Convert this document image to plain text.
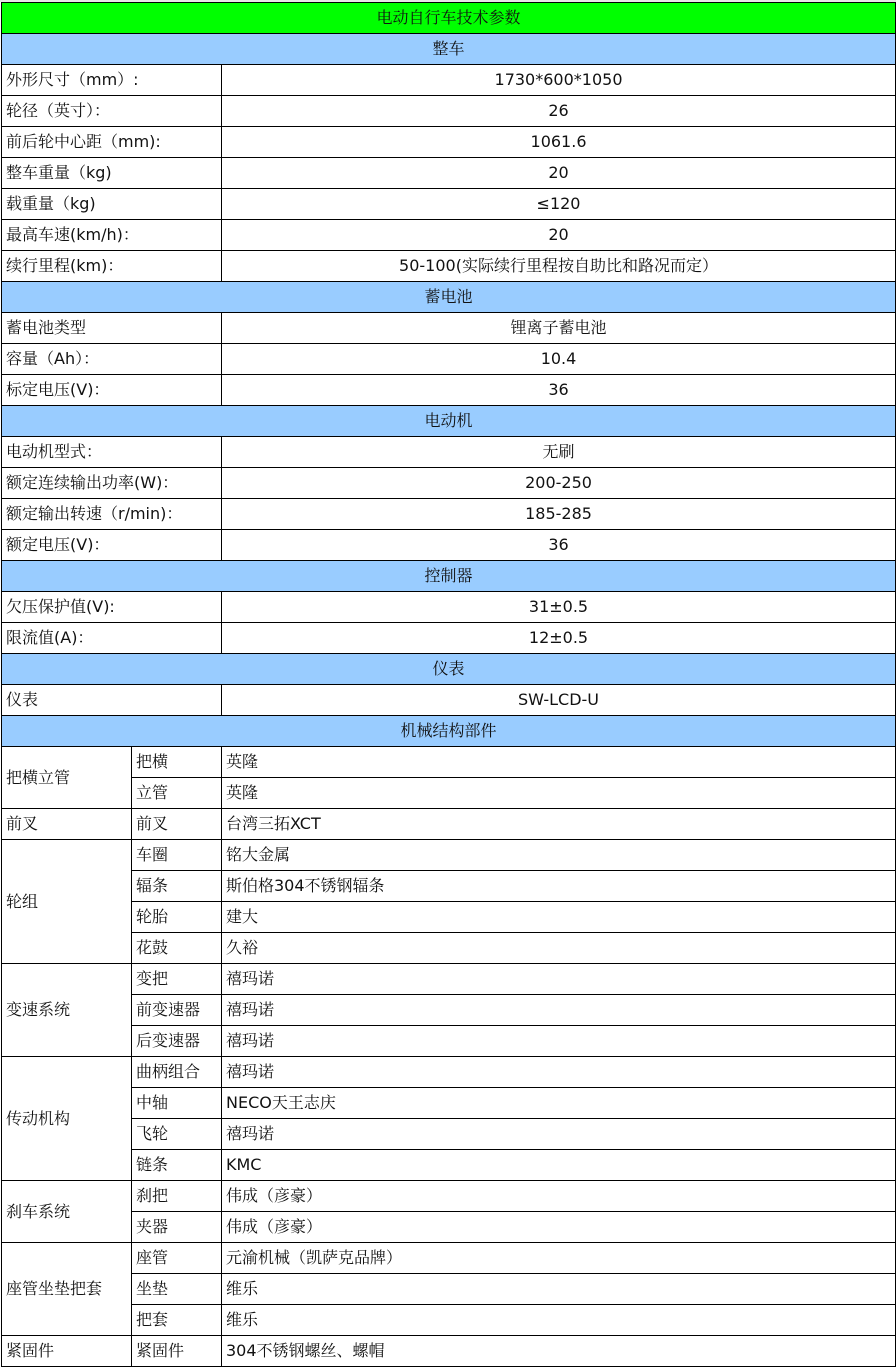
电动自行车技术参数		
整车		
外形尺寸（mm）:		1730*600*1050
轮径（英寸）：		26
前后轮中心距（mm):		1061.6
整车重量（kg)		20
载重量（kg)		≤120
最高车速(km/h)：		20
续行里程(km)：		50-100(实际续行里程按自助比和路况而定）
蓄电池		
蓄电池类型		锂离子蓄电池
容量（Ah）：		10.4
标定电压(V)：		36
电动机		
电动机型式：		无刷
额定连续输出功率(W)：		200-250
额定输出转速（r/min)：		185-285
额定电压(V)：		36
控制器		
欠压保护值(V):		31±0.5
限流值(A)：		12±0.5
仪表		
仪表		SW-LCD-U
机械结构部件		

把横立管	把横	英隆
	立管	英隆

前叉	前叉	台湾三拓XCT

轮组	车圈	铭大金属
	辐条	斯伯格304不锈钢辐条
	轮胎	建大
	花鼓	久裕

变速系统	变把	禧玛诺
	前变速器	禧玛诺
	后变速器	禧玛诺

传动机构	曲柄组合	禧玛诺
	中轴	NECO天王志庆
	飞轮	禧玛诺
	链条	KMC

刹车系统	刹把	伟成（彦豪）
	夹器	伟成（彦豪）

座管坐垫把套	座管	元渝机械（凯萨克品牌）
	坐垫	维乐
	把套	维乐

紧固件	紧固件	304不锈钢螺丝、螺帽
